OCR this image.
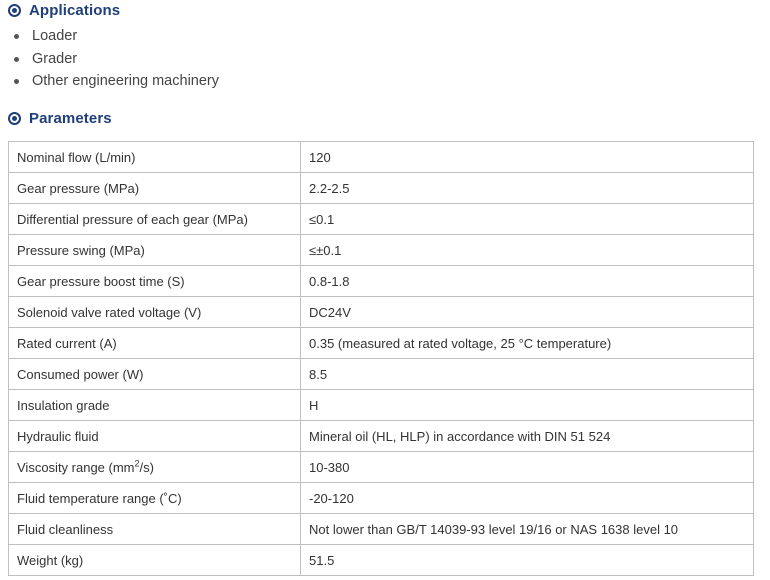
Applications
Loader
Grader
Other engineering machinery
Parameters
Nominal flow (L/min)	120
Gear pressure (MPa)	2.2-2.5
Differential pressure of each gear (MPa)	≤0.1
Pressure swing (MPa)	≤±0.1
Gear pressure boost time (S)	0.8-1.8
Solenoid valve rated voltage (V)	DC24V
Rated current (A)	0.35 (measured at rated voltage, 25 °C temperature)
Consumed power (W)	8.5
Insulation grade	H
Hydraulic fluid	Mineral oil (HL, HLP) in accordance with DIN 51 524
Viscosity range $(mm^2/s)$	10-380
Fluid temperature range (˚C)	-20-120
Fluid cleanliness	Not lower than GB/T 14039-93 level 19/16 or NAS 1638 level 10
Weight (kg)	51.5
